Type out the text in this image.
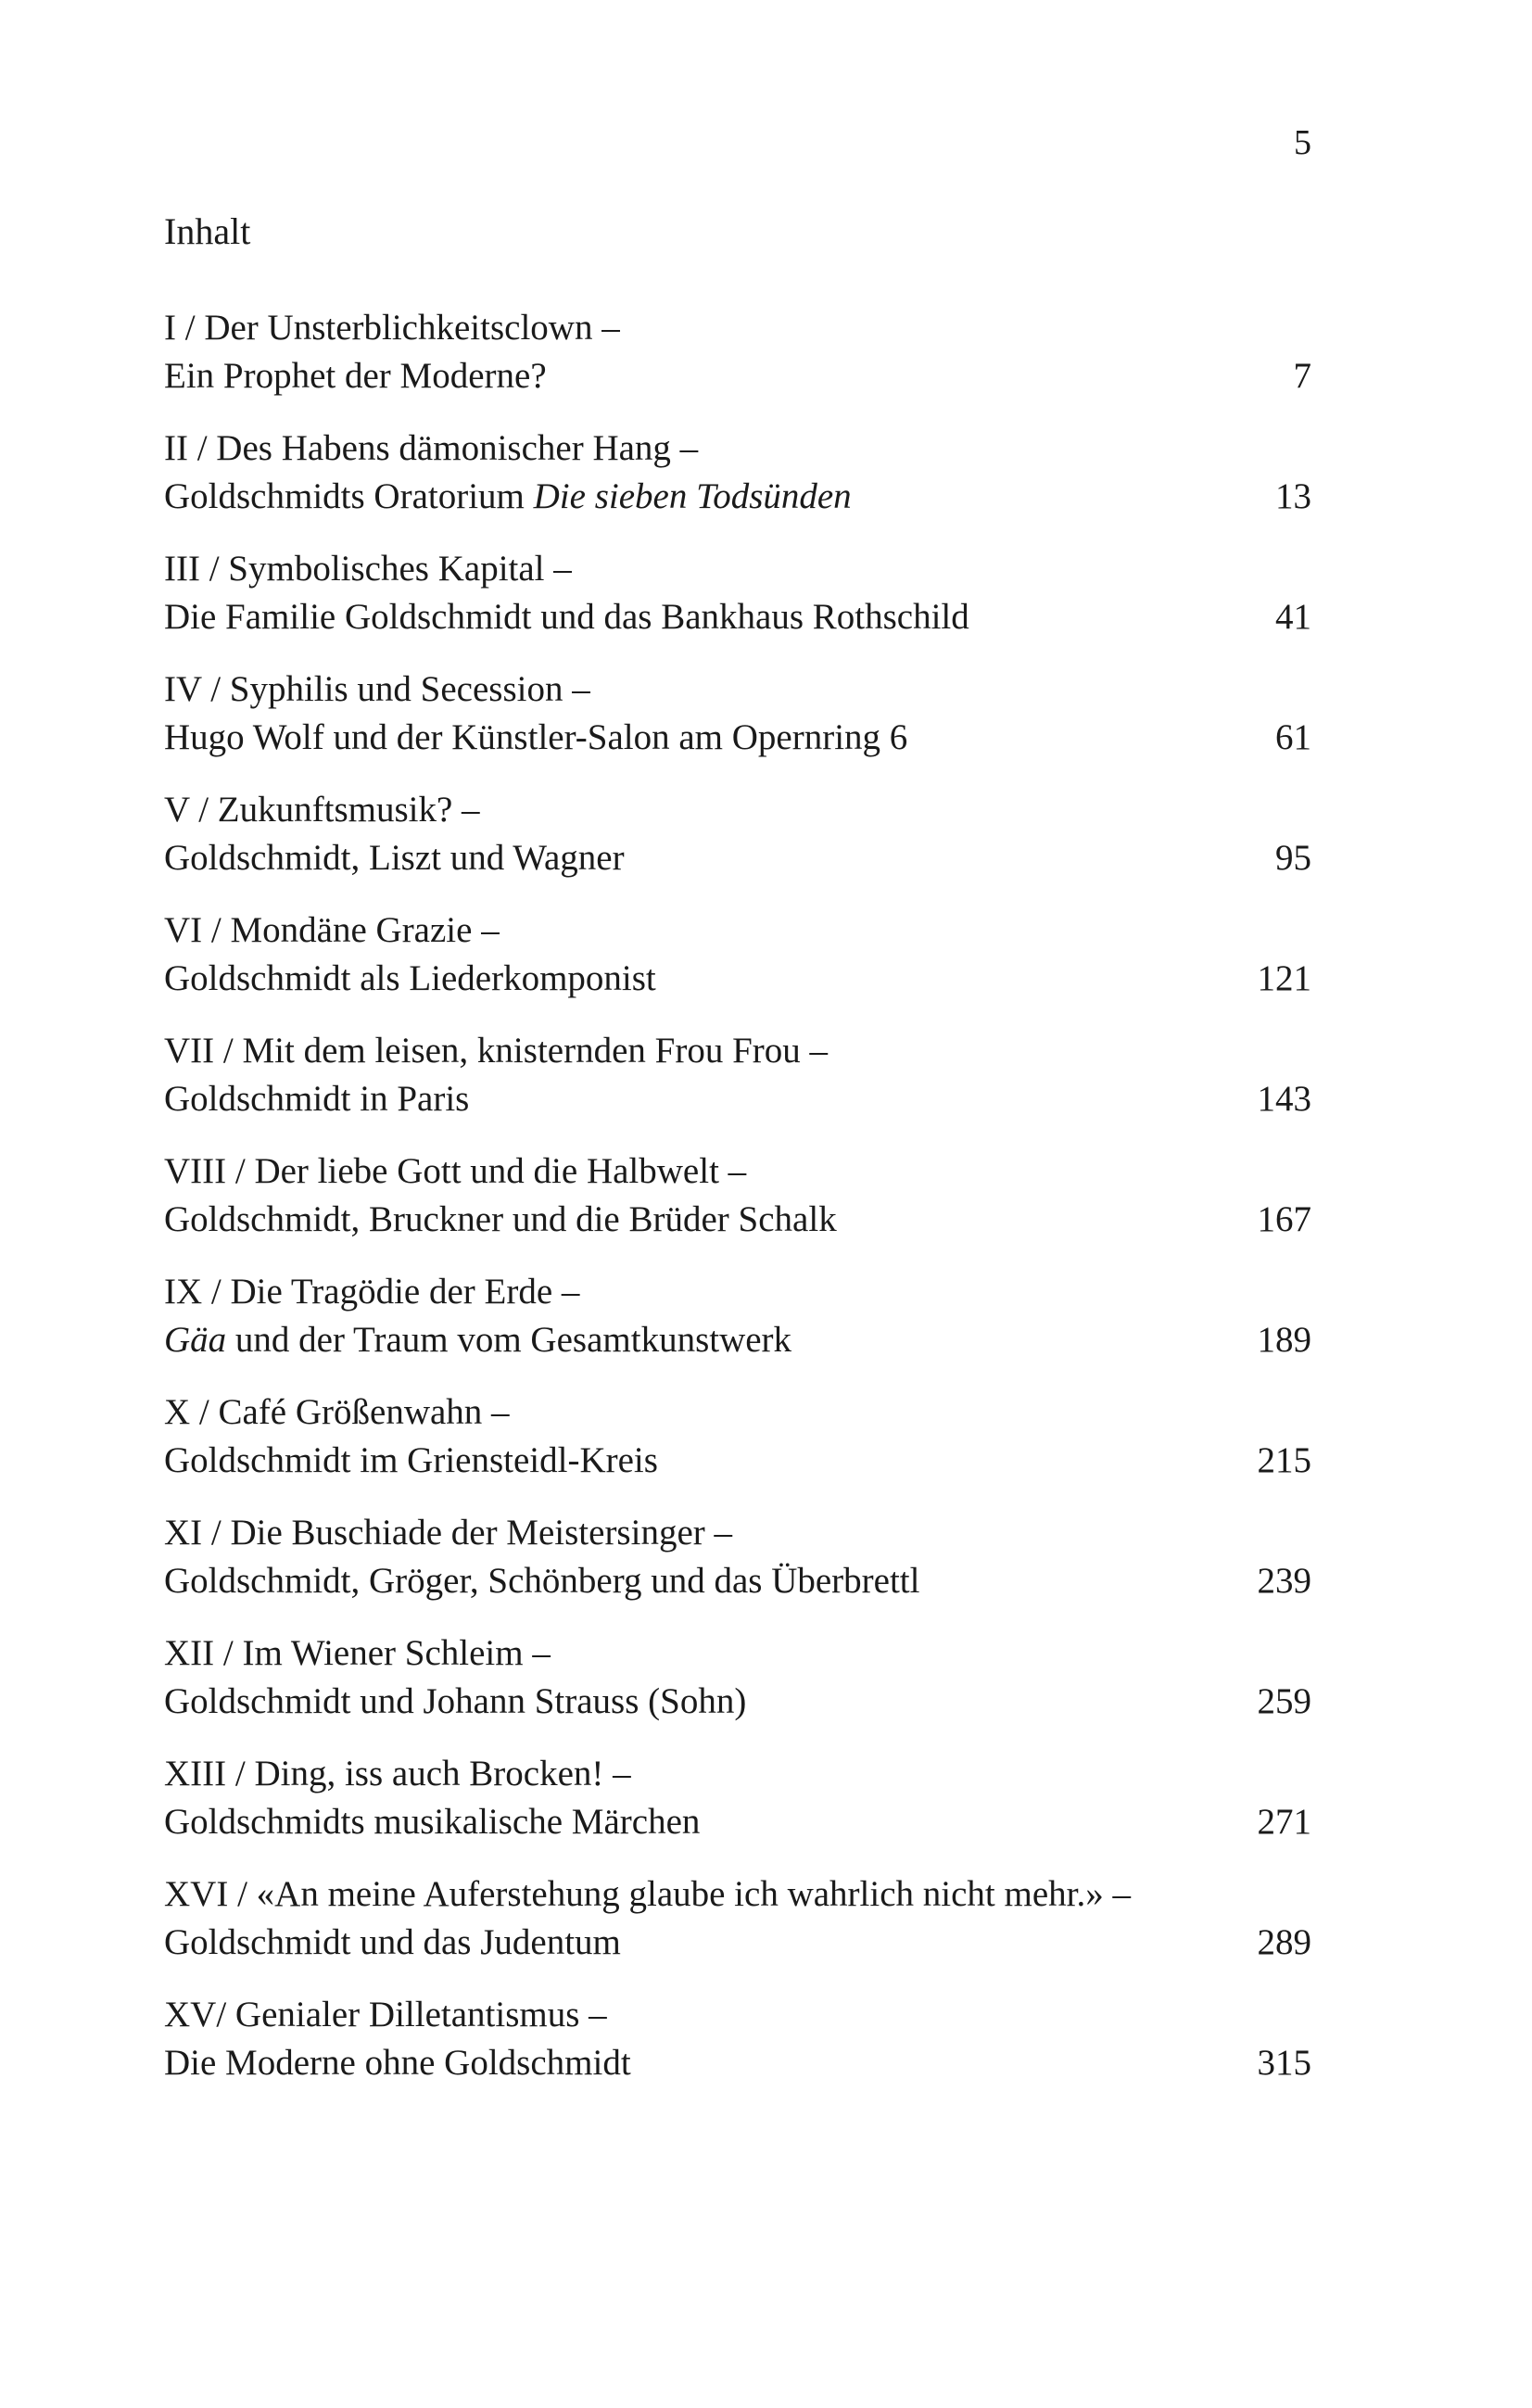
5
Inhalt
I / Der Unsterblichkeitsclown –
Ein Prophet der Moderne?	7
II / Des Habens dämonischer Hang –
Goldschmidts Oratorium Die sieben Todsünden	13
III / Symbolisches Kapital –
Die Familie Goldschmidt und das Bankhaus Rothschild	41
IV / Syphilis und Secession –
Hugo Wolf und der Künstler-Salon am Opernring 6	61
V / Zukunftsmusik? –
Goldschmidt, Liszt und Wagner	95
VI / Mondäne Grazie –
Goldschmidt als Liederkomponist	121
VII / Mit dem leisen, knisternden Frou Frou –
Goldschmidt in Paris	143
VIII / Der liebe Gott und die Halbwelt –
Goldschmidt, Bruckner und die Brüder Schalk	167
IX / Die Tragödie der Erde –
Gäa und der Traum vom Gesamtkunstwerk	189
X / Café Größenwahn –
Goldschmidt im Griensteidl-Kreis	215
XI / Die Buschiade der Meistersinger –
Goldschmidt, Gröger, Schönberg und das Überbrettl	239
XII / Im Wiener Schleim –
Goldschmidt und Johann Strauss (Sohn)	259
XIII / Ding, iss auch Brocken! –
Goldschmidts musikalische Märchen	271
XVI / «An meine Auferstehung glaube ich wahrlich nicht mehr.» –
Goldschmidt und das Judentum	289
XV/ Genialer Dilletantismus –
Die Moderne ohne Goldschmidt	315
